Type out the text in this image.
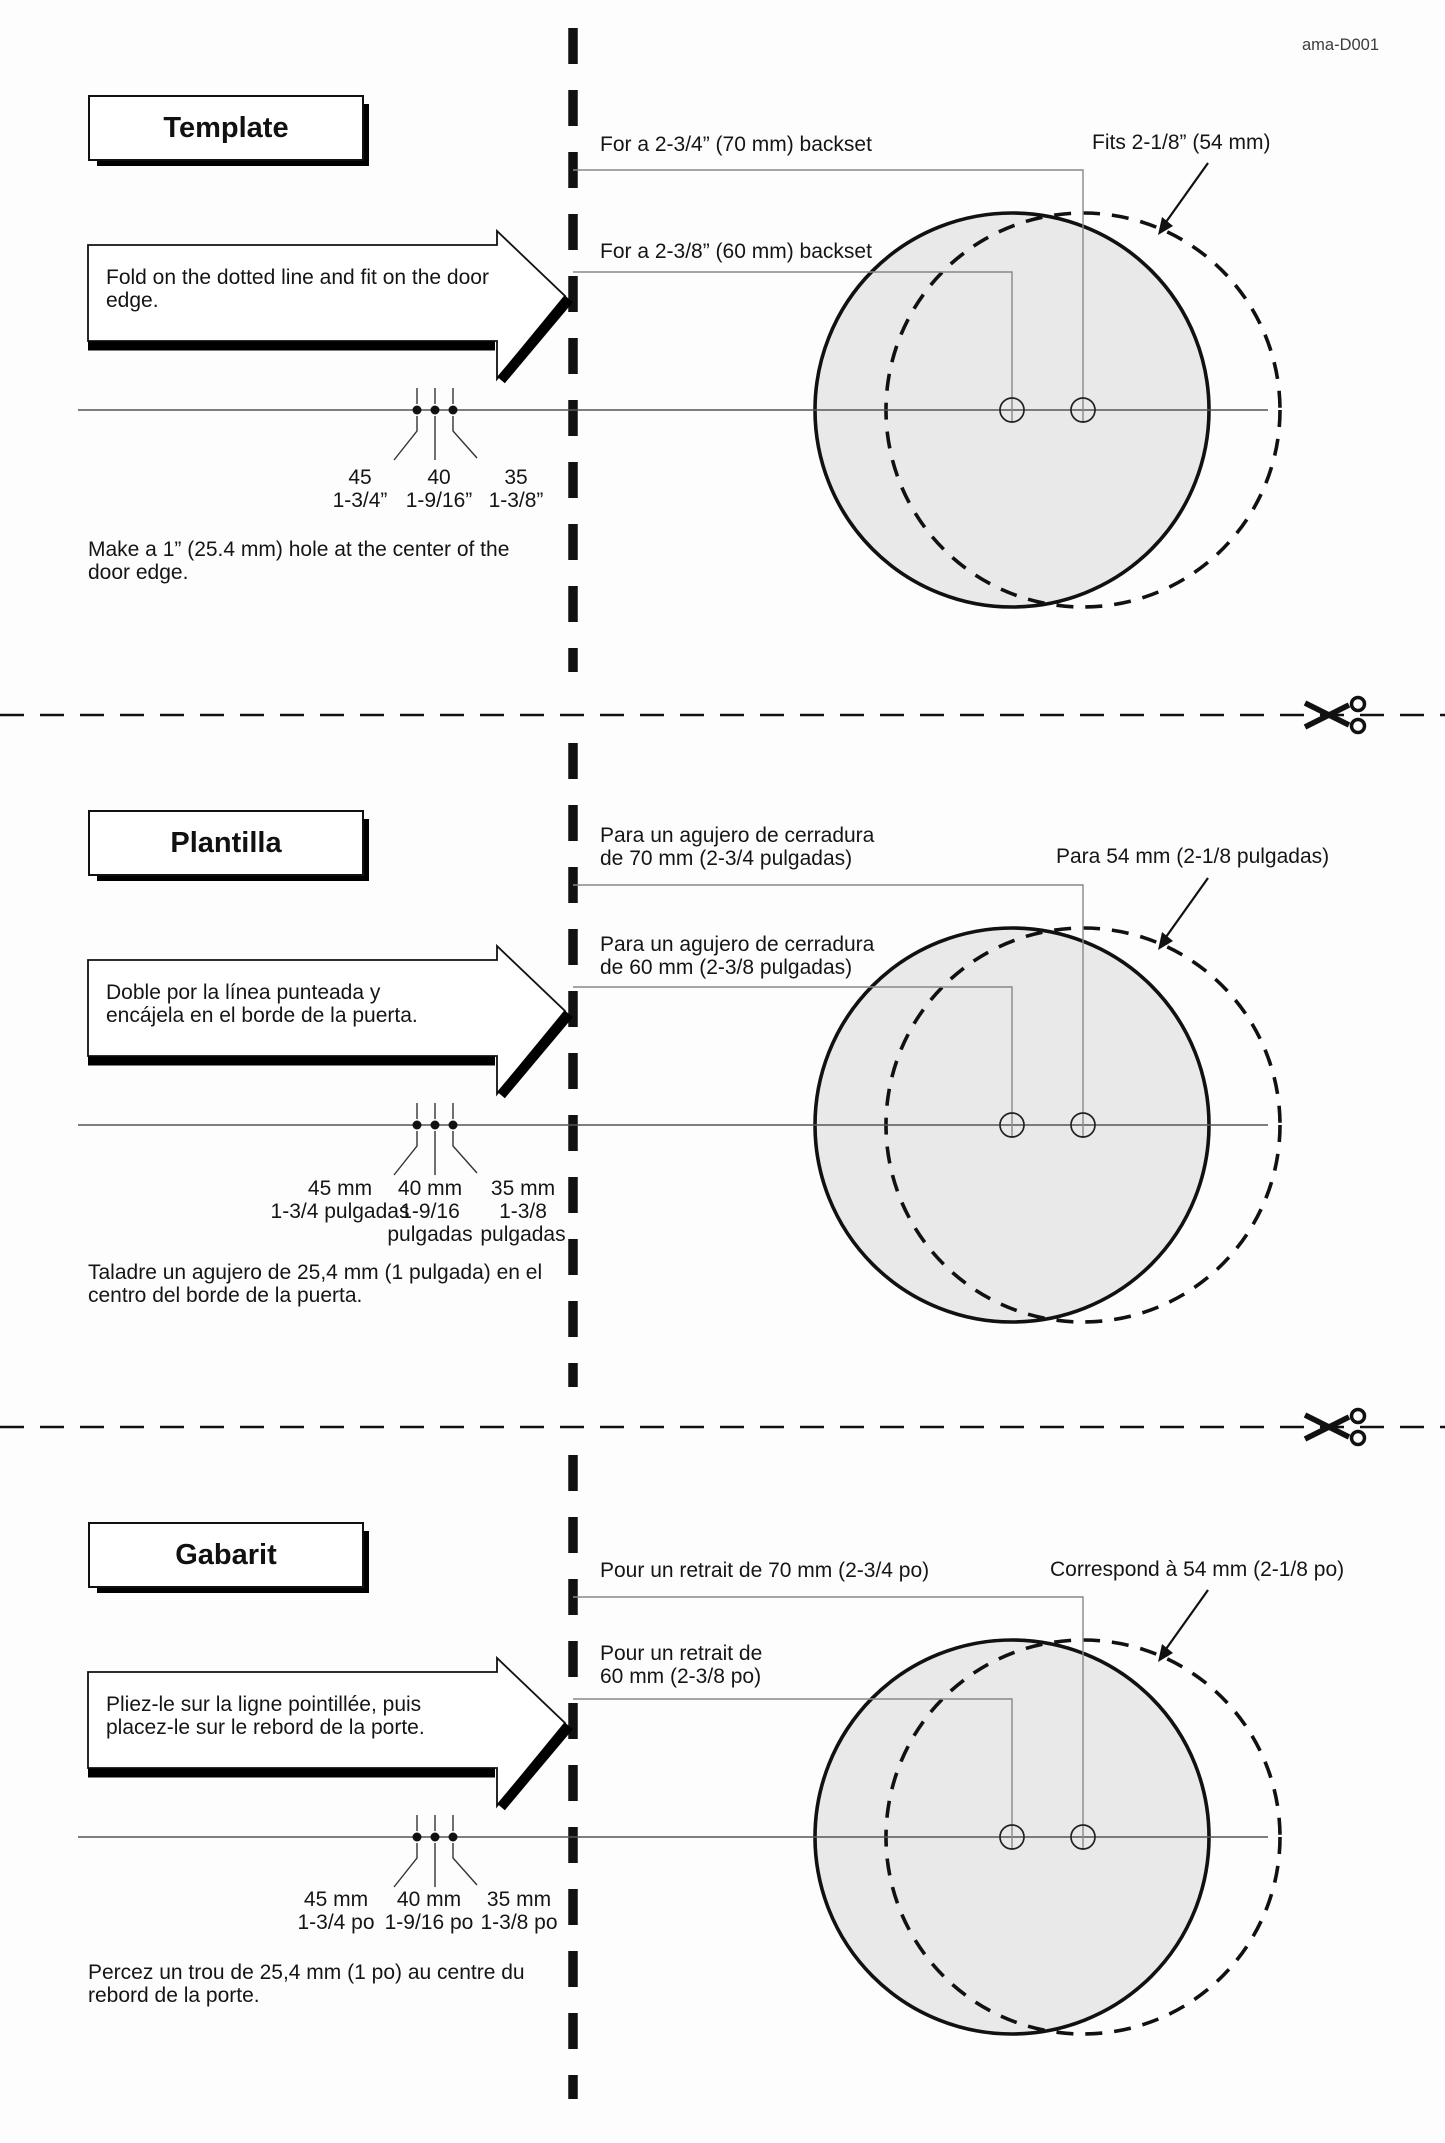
ama-D001
Template
For a 2-3/4” (70 mm) backset
For a 2-3/8” (60 mm) backset
Fits 2-1/8” (54 mm)
Fold on the dotted line and fit on the door
edge.
45
1-3/4”
40
1-9/16”
35
1-3/8”
Make a 1” (25.4 mm) hole at the center of the
door edge.
Plantilla	Para un agujero de cerradura
de 70 mm (2-3/4 pulgadas)
Para un agujero de cerradura
de 60 mm (2-3/8 pulgadas)
Para 54 mm (2-1/8 pulgadas)
Doble por la línea punteada y
encájela en el borde de la puerta.
45 mm
1-3/4 pulgadas
40 mm
1-9/16
pulgadas
35 mm
1-3/8
pulgadas
Taladre un agujero de 25,4 mm (1 pulgada) en el
centro del borde de la puerta.
Gabarit	Pour un retrait de 70 mm (2-3/4 po)
Pour un retrait de
60 mm (2-3/8 po)
Correspond à 54 mm (2-1/8 po)
Pliez-le sur la ligne pointillée, puis
placez-le sur le rebord de la porte.
45 mm
1-3/4 po
40 mm
1-9/16 po
35 mm
1-3/8 po
Percez un trou de 25,4 mm (1 po) au centre du
rebord de la porte.
